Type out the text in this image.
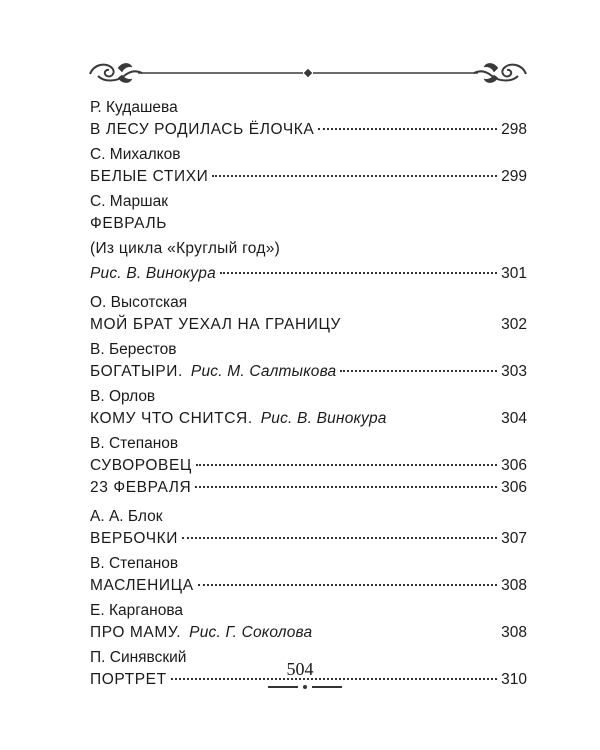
Р. Кудашева
В ЛЕСУ РОДИЛАСЬ ЁЛОЧКА	298
С. Михалков
БЕЛЫЕ СТИХИ	299
С. Маршак
ФЕВРАЛЬ
(Из цикла «Круглый год»)
Рис. В. Винокура	301
О. Высотская
МОЙ БРАТ УЕХАЛ НА ГРАНИЦУ	302
В. Берестов
БОГАТЫРИ. Рис. М. Салтыкова	303
В. Орлов
КОМУ ЧТО СНИТСЯ. Рис. В. Винокура	304
В. Степанов
СУВОРОВЕЦ	306
23 ФЕВРАЛЯ	306
А. А. Блок
ВЕРБОЧКИ	307
В. Степанов
МАСЛЕНИЦА	308
Е. Карганова
ПРО МАМУ. Рис. Г. Соколова	308
П. Синявский
ПОРТРЕТ	310
504
